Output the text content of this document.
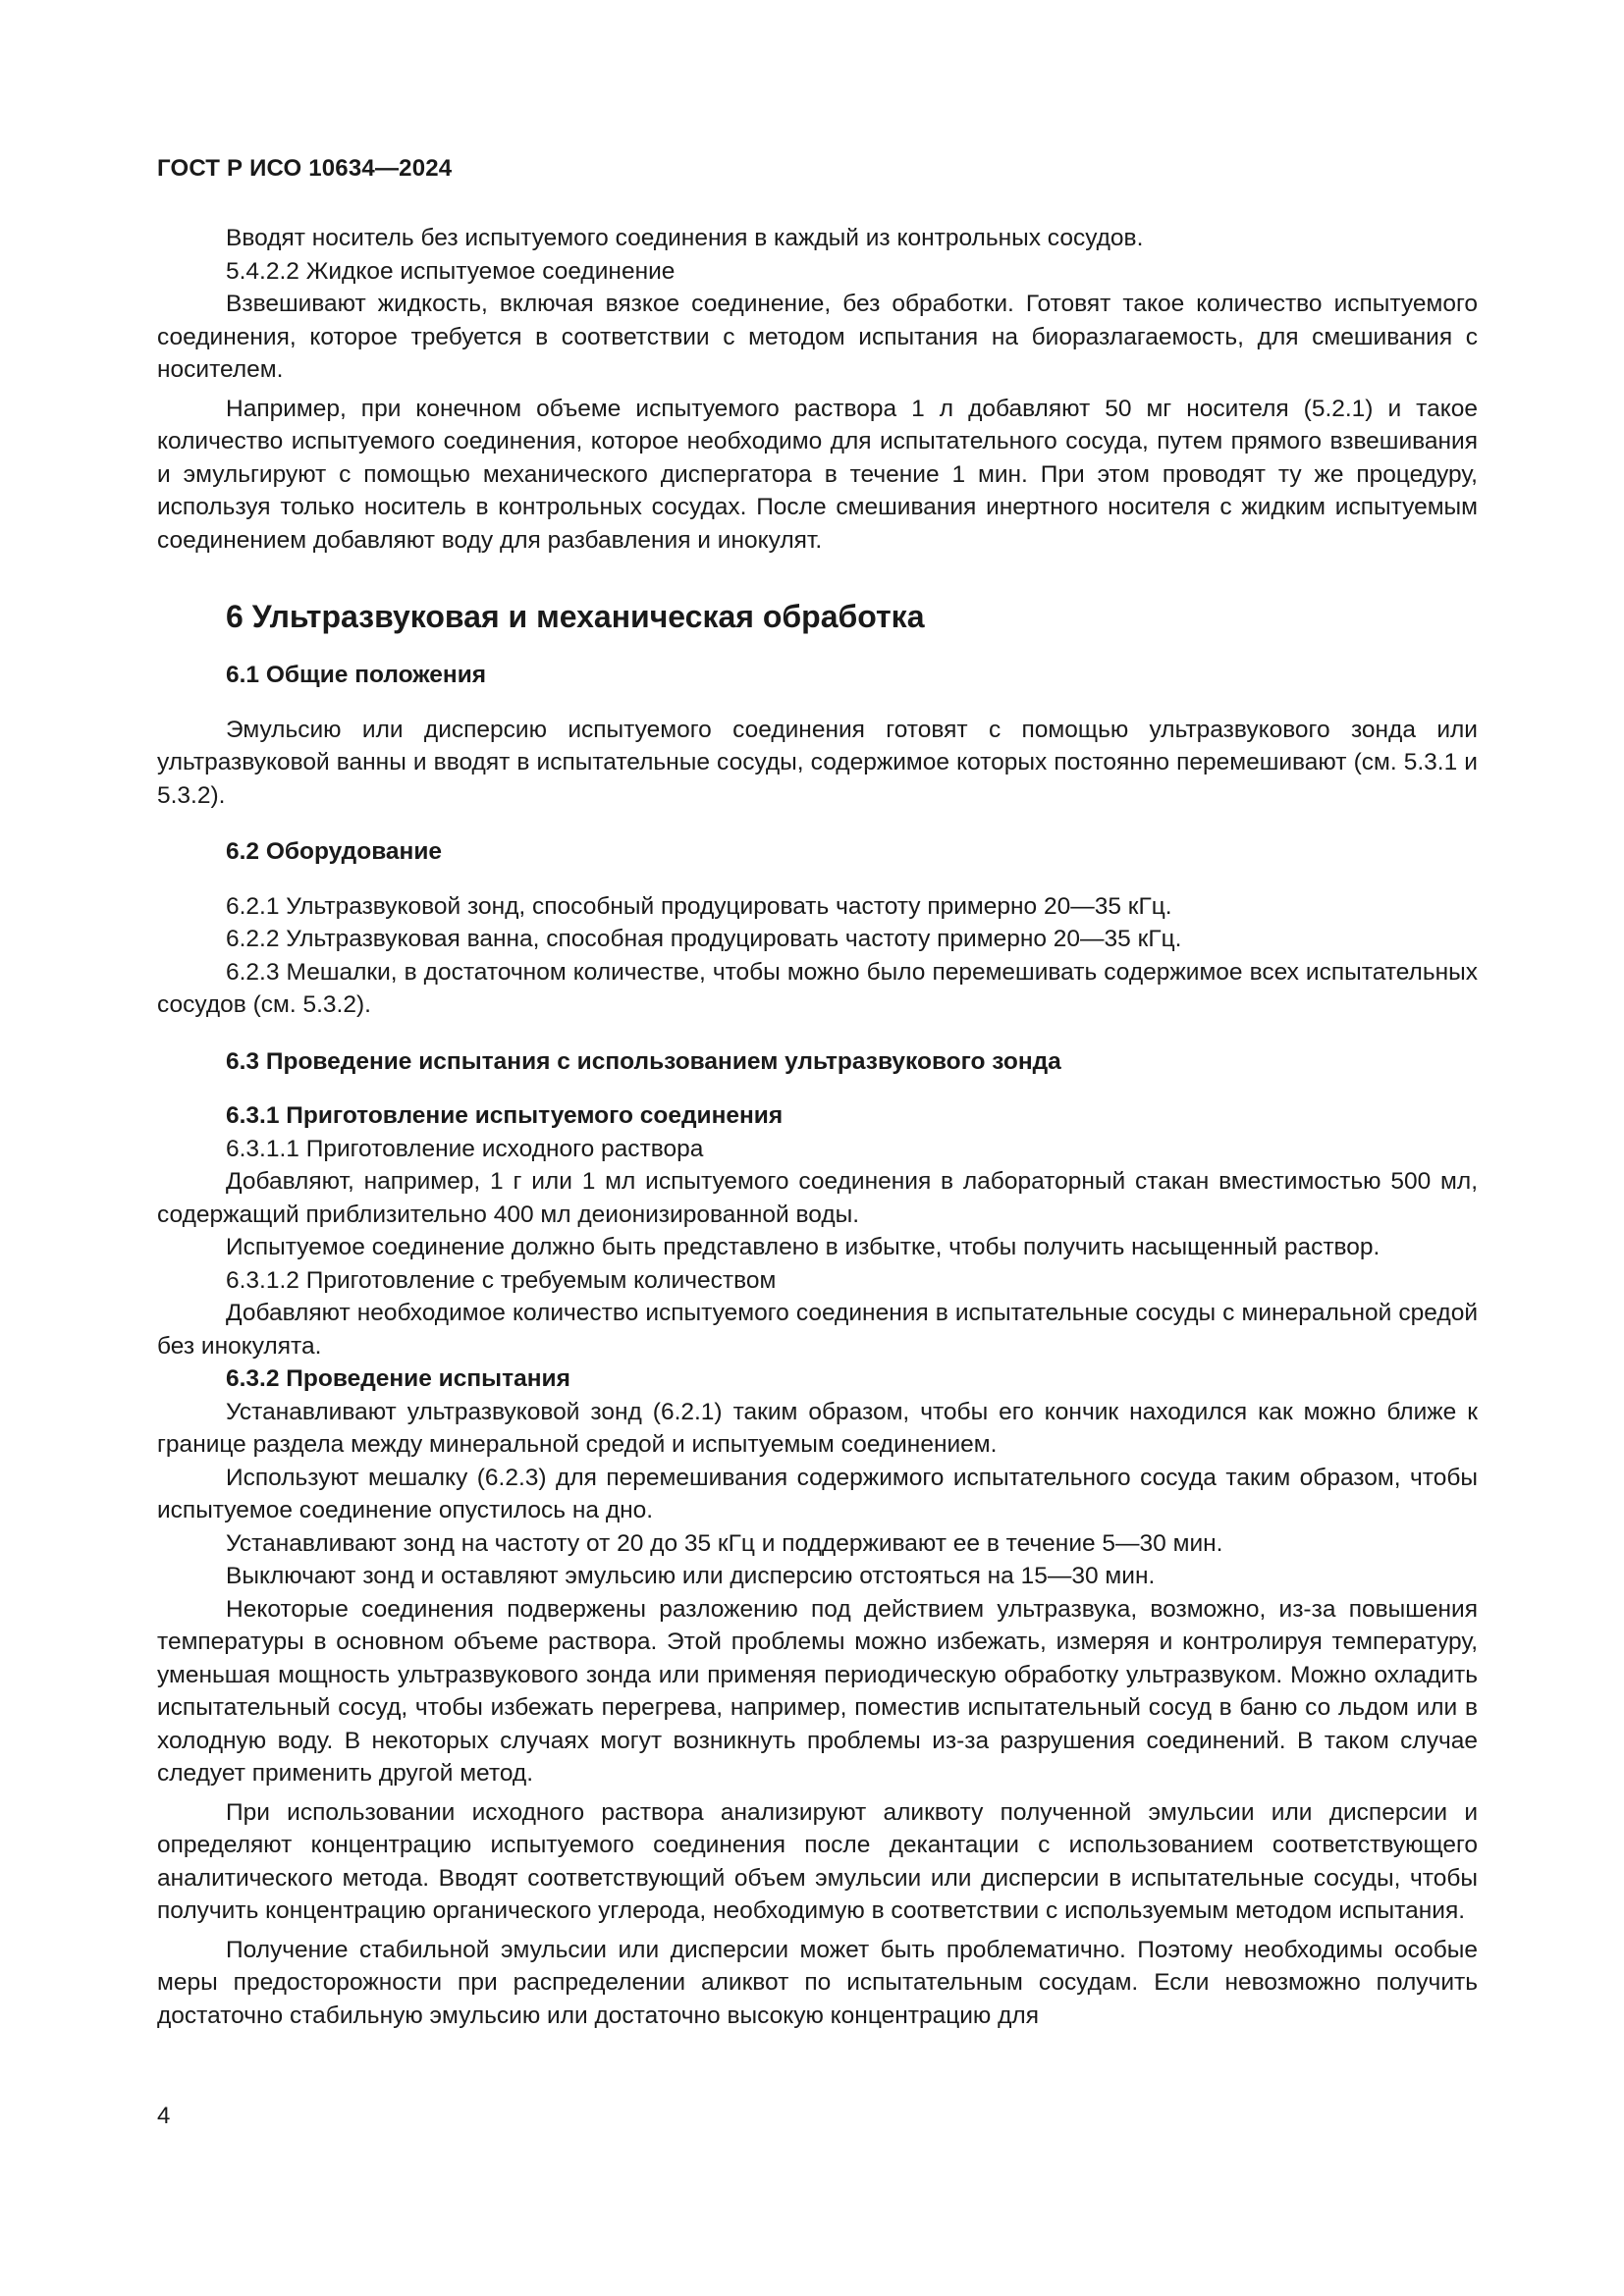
ГОСТ Р ИСО 10634—2024

Вводят носитель без испытуемого соединения в каждый из контрольных сосудов.

5.4.2.2 Жидкое испытуемое соединение

Взвешивают жидкость, включая вязкое соединение, без обработки. Готовят такое количество испытуемого соединения, которое требуется в соответствии с методом испытания на биоразлагаемость, для смешивания с носителем.

Например, при конечном объеме испытуемого раствора 1 л добавляют 50 мг носителя (5.2.1) и такое количество испытуемого соединения, которое необходимо для испытательного сосуда, путем прямого взвешивания и эмульгируют с помощью механического диспергатора в течение 1 мин. При этом проводят ту же процедуру, используя только носитель в контрольных сосудах. После смешивания инертного носителя с жидким испытуемым соединением добавляют воду для разбавления и инокулят.

6 Ультразвуковая и механическая обработка
6.1 Общие положения

Эмульсию или дисперсию испытуемого соединения готовят с помощью ультразвукового зонда или ультразвуковой ванны и вводят в испытательные сосуды, содержимое которых постоянно перемешивают (см. 5.3.1 и 5.3.2).

6.2 Оборудование

6.2.1 Ультразвуковой зонд, способный продуцировать частоту примерно 20—35 кГц.

6.2.2 Ультразвуковая ванна, способная продуцировать частоту примерно 20—35 кГц.

6.2.3 Мешалки, в достаточном количестве, чтобы можно было перемешивать содержимое всех испытательных сосудов (см. 5.3.2).

6.3 Проведение испытания с использованием ультразвукового зонда
6.3.1 Приготовление испытуемого соединения

6.3.1.1 Приготовление исходного раствора

Добавляют, например, 1 г или 1 мл испытуемого соединения в лабораторный стакан вместимостью 500 мл, содержащий приблизительно 400 мл деионизированной воды.

Испытуемое соединение должно быть представлено в избытке, чтобы получить насыщенный раствор.

6.3.1.2 Приготовление с требуемым количеством

Добавляют необходимое количество испытуемого соединения в испытательные сосуды с минеральной средой без инокулята.

6.3.2 Проведение испытания

Устанавливают ультразвуковой зонд (6.2.1) таким образом, чтобы его кончик находился как можно ближе к границе раздела между минеральной средой и испытуемым соединением.

Используют мешалку (6.2.3) для перемешивания содержимого испытательного сосуда таким образом, чтобы испытуемое соединение опустилось на дно.

Устанавливают зонд на частоту от 20 до 35 кГц и поддерживают ее в течение 5—30 мин.

Выключают зонд и оставляют эмульсию или дисперсию отстояться на 15—30 мин.

Некоторые соединения подвержены разложению под действием ультразвука, возможно, из-за повышения температуры в основном объеме раствора. Этой проблемы можно избежать, измеряя и контролируя температуру, уменьшая мощность ультразвукового зонда или применяя периодическую обработку ультразвуком. Можно охладить испытательный сосуд, чтобы избежать перегрева, например, поместив испытательный сосуд в баню со льдом или в холодную воду. В некоторых случаях могут возникнуть проблемы из-за разрушения соединений. В таком случае следует применить другой метод.

При использовании исходного раствора анализируют аликвоту полученной эмульсии или дисперсии и определяют концентрацию испытуемого соединения после декантации с использованием соответствующего аналитического метода. Вводят соответствующий объем эмульсии или дисперсии в испытательные сосуды, чтобы получить концентрацию органического углерода, необходимую в соответствии с используемым методом испытания.

Получение стабильной эмульсии или дисперсии может быть проблематично. Поэтому необходимы особые меры предосторожности при распределении аликвот по испытательным сосудам. Если невозможно получить достаточно стабильную эмульсию или достаточно высокую концентрацию для

4
